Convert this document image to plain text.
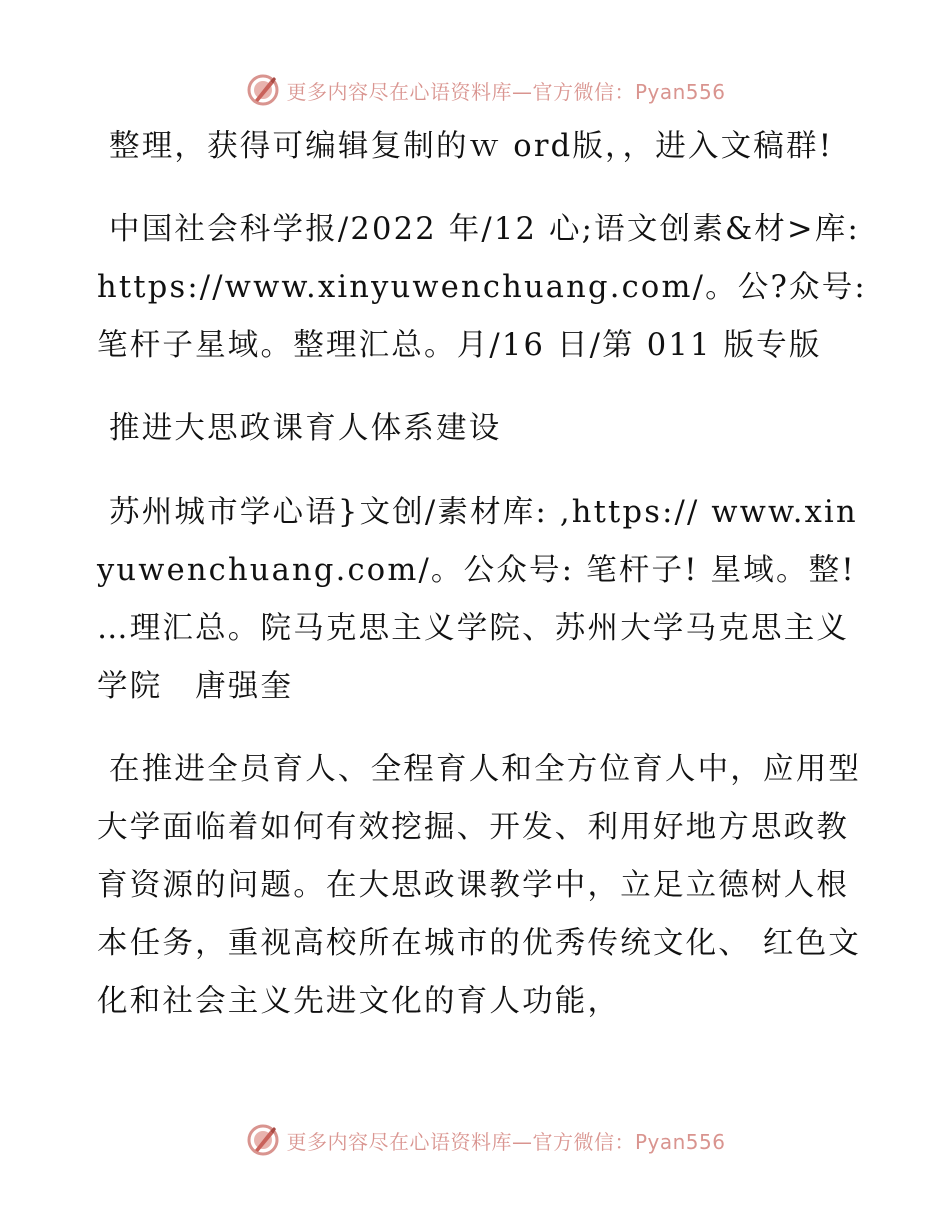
更多内容尽在心语资料库—官方微信：Pyan556

整理，获得可编辑复制的ｗ ord版，，进入文稿群!

中国社会科学报/2022 年/12 心;语文创素&材>库: https://www.xinyuwenchuang.com/。公?众号: 笔杆子星域。整理汇总。月/16 日/第 011 版专版

推进大思政课育人体系建设

苏州城市学心语}文创/素材库: ,https:// www.xinyuwenchuang.com/。公众号: 笔杆子! 星域。整! …理汇总。院马克思主义学院、苏州大学马克思主义学院　唐强奎

在推进全员育人、全程育人和全方位育人中，应用型大学面临着如何有效挖掘、开发、利用好地方思政教育资源的问题。在大思政课教学中，立足立德树人根本任务，重视高校所在城市的优秀传统文化、 红色文化和社会主义先进文化的育人功能，

更多内容尽在心语资料库—官方微信：Pyan556
